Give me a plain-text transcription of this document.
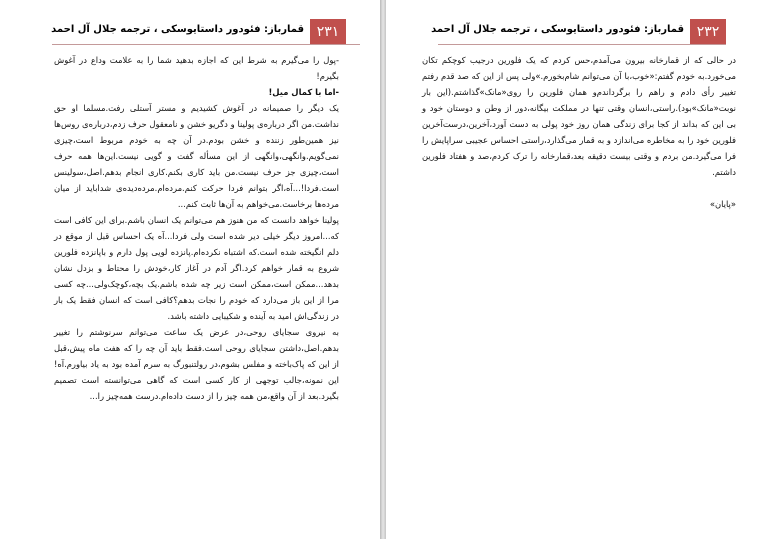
قمارباز: فئودور داستایوسکی ، ترجمه جلال آل احمد ۲۳۱

-پول را می‌گیرم به شرط این که اجازه بدهید شما را به علامت وداع در آغوش بگیرم!

-اما با کمال میل!

یک دیگر را صمیمانه در آغوش کشیدیم و مستر آستلی رفت.مسلما او حق نداشت.من اگر درباره‌ی پولینا و دگریو خشن و نامعقول حرف زدم،درباره‌ی روس‌ها نیز همین‌طور زننده و خشن بودم.در آن چه به خودم مربوط است،چیزی نمی‌گویم.وانگهی،وانگهی از این مسأله گفت و گویی نیست.این‌ها همه حرف است،چیزی جز حرف نیست.من باید کاری بکنم.کاری انجام بدهم.اصل،سولینس است.فردا!...آه،اگر بتوانم فردا حرکت کنم.مرده‌ام.مرده‌دیده‌ی شداباید از میان مرده‌ها برخاست.می‌خواهم به آن‌ها ثابت کنم...

پولینا خواهد دانست که من هنوز هم می‌توانم یک انسان باشم.برای این کافی است که...امروز دیگر خیلی دیر شده است ولی فردا...آه یک احساس قبل از موقع در دلم انگیخته شده است.که اشتباه نکرده‌ام.پانزده لویی پول دارم و باپانزده فلورین شروع به قمار خواهم کرد.اگر آدم در آغاز کار،خودش را محتاط و بزدل نشان بدهد...ممکن است،ممکن است زیر چه شده باشم.یک بچه،کوچک‌ولی...چه کسی مرا از این باز می‌دارد که خودم را نجات بدهم؟کافی است که انسان فقط یک بار در زندگی‌اش امید به آینده و شکیبایی داشته باشد.

به نیروی سجایای روحی،در عرض یک ساعت می‌توانم سرنوشتم را تغییر بدهم.اصل،داشتن سجایای روحی است.فقط باید آن چه را که هفت ماه پیش،قبل از این که پاک‌باخته و مفلس بشوم،در رولتنبورگ به سرم آمده بود به یاد بیاورم.آه!این نمونه،جالب توجهی از کار کسی است که گاهی می‌توانسته است تصمیم بگیرد.بعد از آن واقع،من همه چیز را از دست داده‌ام.درست همه‌چیز را...

قمارباز: فئودور داستایوسکی ، ترجمه جلال آل احمد ۲۳۲

در حالی که از قمارخانه بیرون می‌آمدم،حس کردم که یک فلورین درجیب کوچکم تکان می‌خورد.به خودم گفتم:«خوب،با آن می‌توانم شام‌بخورم.»ولی پس از این که صد قدم رفتم تغییر رأی دادم و راهم را برگرداندم‌و همان فلورین را روی«مانک»گذاشتم.(این بار نوبت«مانک»بود).راستی،انسان وقتی تنها در مملکت بیگانه،دور از وطن و دوستان خود و بی این که بداند از کجا برای زندگی همان روز خود پولی به دست آورد،آخرین،درست‌آخرین فلورین خود را به مخاطره می‌اندازد و به قمار می‌گذارد،راستی احساس عجیبی سراپایش را فرا می‌گیرد.من بردم و وقتی بیست دقیقه بعد،قمارخانه را ترک کردم،صد و هفتاد فلورین داشتم.

«پایان»
